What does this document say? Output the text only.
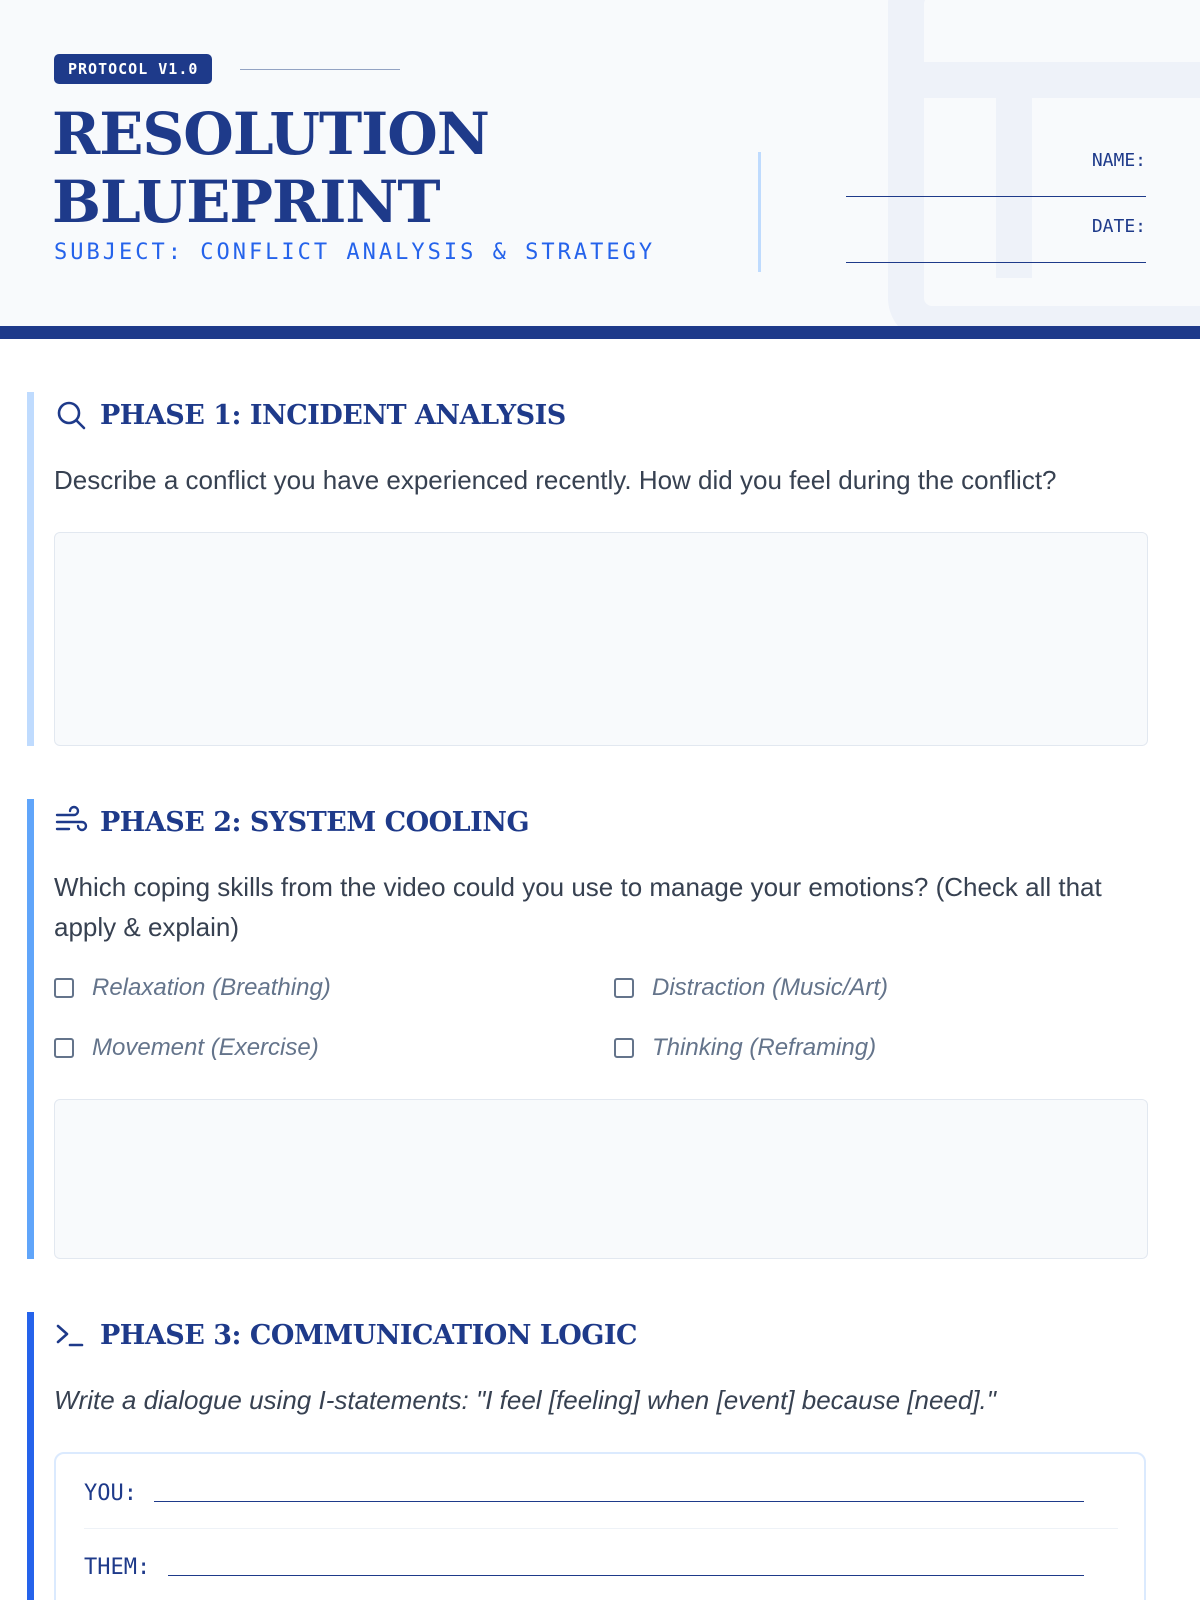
PROTOCOL V1.0
RESOLUTION
BLUEPRINT
SUBJECT: CONFLICT ANALYSIS & STRATEGY
NAME:
DATE:
PHASE 1: INCIDENT ANALYSIS

Describe a conflict you have experienced recently. How did you feel during the conflict?

PHASE 2: SYSTEM COOLING

Which coping skills from the video could you use to manage your emotions? (Check all that apply & explain)

Relaxation (Breathing)	Distraction (Music/Art)
Movement (Exercise)	Thinking (Reframing)
PHASE 3: COMMUNICATION LOGIC

Write a dialogue using I-statements: "I feel [feeling] when [event] because [need]."

YOU:
THEM:
